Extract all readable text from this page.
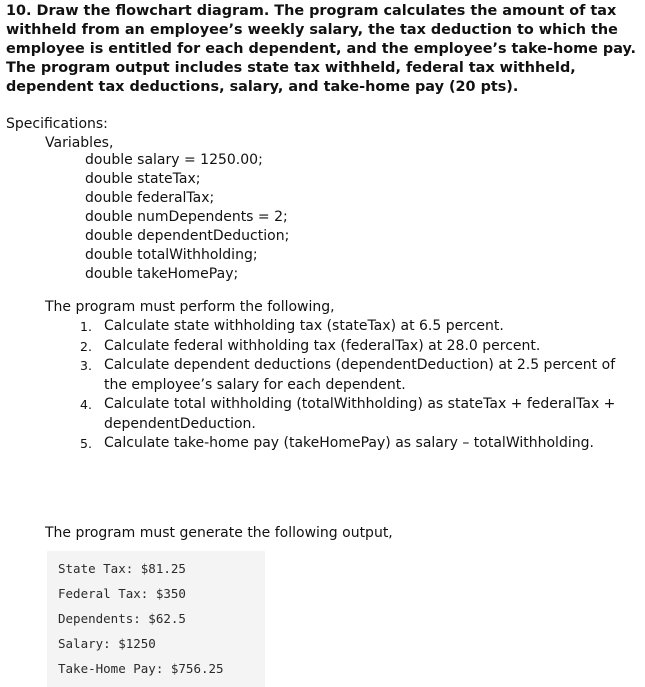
10. Draw the flowchart diagram. The program calculates the amount of tax withheld from an employee’s weekly salary, the tax deduction to which the employee is entitled for each dependent, and the employee’s take-home pay. The program output includes state tax withheld, federal tax withheld, dependent tax deductions, salary, and take-home pay (20 pts).

Specifications:
Variables,
double salary = 1250.00;
double stateTax;
double federalTax;
double numDependents = 2;
double dependentDeduction;
double totalWithholding;
double takeHomePay;
The program must perform the following,
1. Calculate state withholding tax (stateTax) at 6.5 percent.
2. Calculate federal withholding tax (federalTax) at 28.0 percent.
3. Calculate dependent deductions (dependentDeduction) at 2.5 percent of the employee’s salary for each dependent.
4. Calculate total withholding (totalWithholding) as stateTax + federalTax + dependentDeduction.
5. Calculate take-home pay (takeHomePay) as salary – totalWithholding.
The program must generate the following output,
State Tax: $81.25
Federal Tax: $350
Dependents: $62.5
Salary: $1250
Take-Home Pay: $756.25
